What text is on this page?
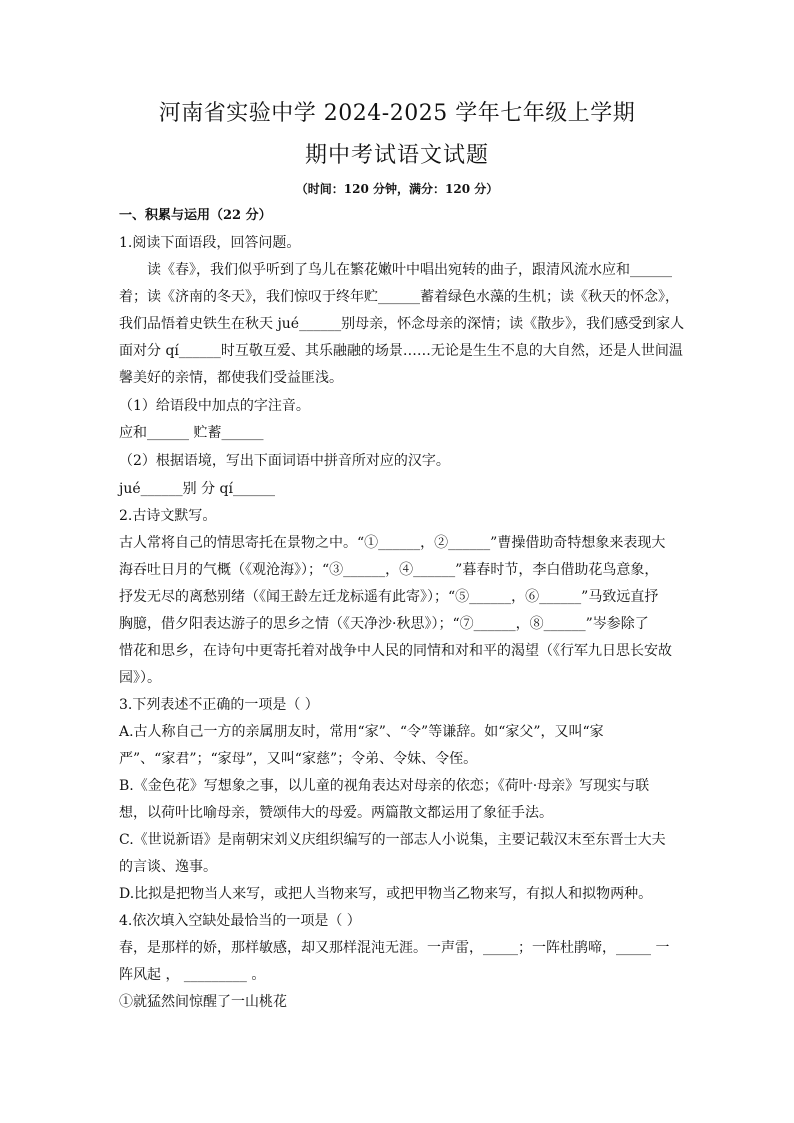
河南省实验中学 2024-2025 学年七年级上学期
期中考试语文试题
（时间：120 分钟，满分：120 分）
一、积累与运用（22 分）
1.阅读下面语段，回答问题。
读《春》，我们似乎听到了鸟儿在繁花嫩叶中唱出宛转的曲子，跟清风流水应和______
着；读《济南的冬天》，我们惊叹于终年贮______蓄着绿色水藻的生机；读《秋天的怀念》，
我们品悟着史铁生在秋天 jué______别母亲，怀念母亲的深情；读《散步》，我们感受到家人
面对分 qí______时互敬互爱、其乐融融的场景……无论是生生不息的大自然，还是人世间温
馨美好的亲情，都使我们受益匪浅。
（1）给语段中加点的字注音。
应和______ 贮蓄______
（2）根据语境，写出下面词语中拼音所对应的汉字。
jué______别 分 qí______
2.古诗文默写。
古人常将自己的情思寄托在景物之中。“①______，②______”曹操借助奇特想象来表现大
海吞吐日月的气概（《观沧海》）；“③______，④______”暮春时节，李白借助花鸟意象，
抒发无尽的离愁别绪（《闻王龄左迁龙标遥有此寄》）；“⑤______，⑥______”马致远直抒
胸臆，借夕阳表达游子的思乡之情（《天净沙·秋思》）；“⑦______，⑧______”岑参除了
惜花和思乡，在诗句中更寄托着对战争中人民的同情和对和平的渴望（《行军九日思长安故
园》）。
3.下列表述不正确的一项是（ ）
A.古人称自己一方的亲属朋友时，常用“家”、“令”等谦辞。如“家父”，又叫“家
严”、“家君”；“家母”，又叫“家慈”；令弟、令妹、令侄。
B.《金色花》写想象之事，以儿童的视角表达对母亲的依恋；《荷叶·母亲》写现实与联
想，以荷叶比喻母亲，赞颂伟大的母爱。两篇散文都运用了象征手法。
C.《世说新语》是南朝宋刘义庆组织编写的一部志人小说集，主要记载汉末至东晋士大夫
的言谈、逸事。
D.比拟是把物当人来写，或把人当物来写，或把甲物当乙物来写，有拟人和拟物两种。
4.依次填入空缺处最恰当的一项是（ ）
春，是那样的娇，那样敏感，却又那样混沌无涯。一声雷，_____；一阵杜鹃啼，_____ 一
阵风起 ， _________ 。
①就猛然间惊醒了一山桃花
